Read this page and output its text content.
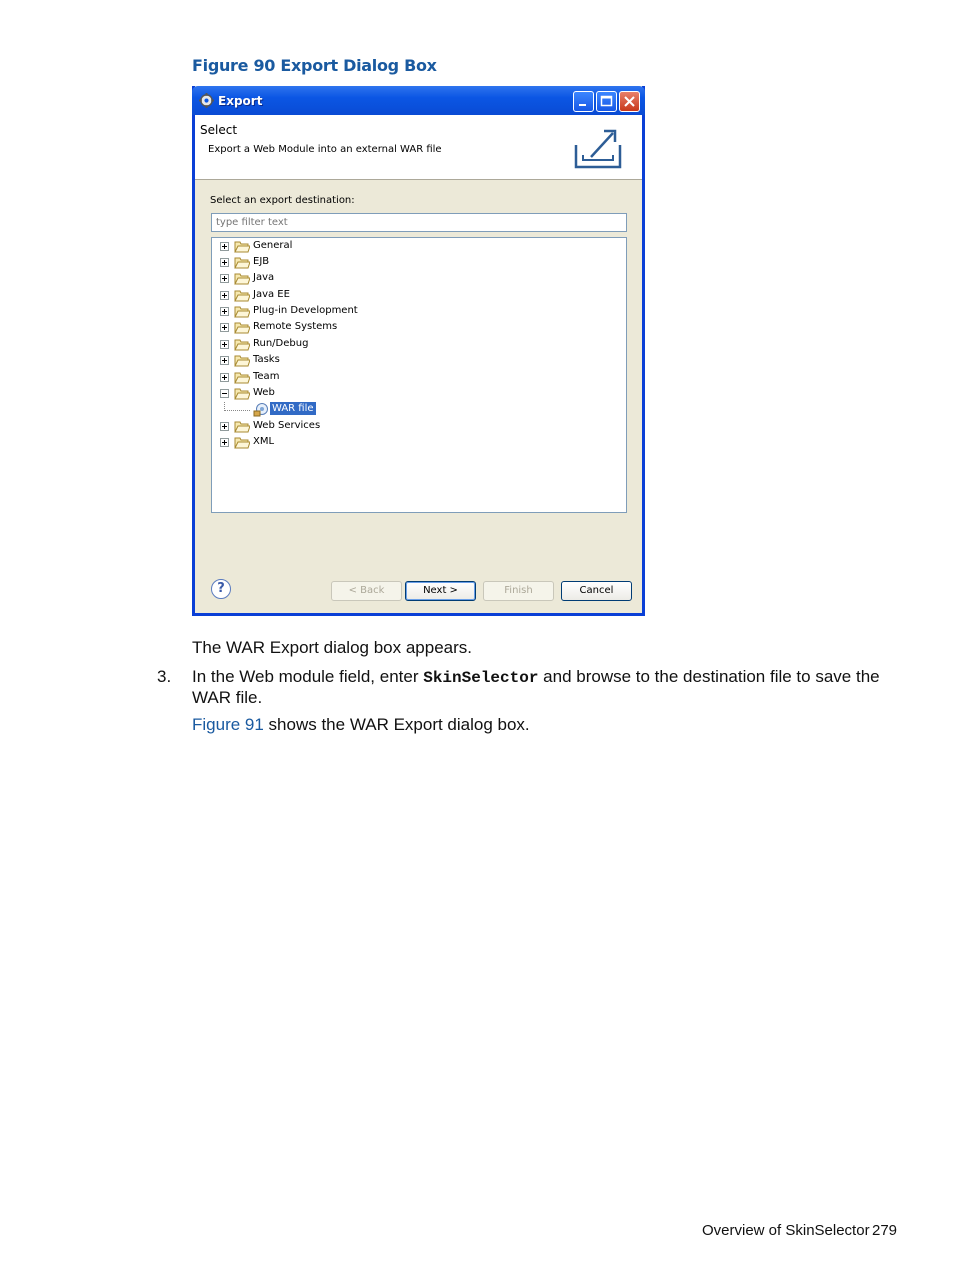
Figure 90 Export Dialog Box
Export
Select
Export a Web Module into an external WAR file
Select an export destination:
type filter text
General
EJB
Java
Java EE
Plug-in Development
Remote Systems
Run/Debug
Tasks
Team
Web
WAR file
Web Services
XML
?	< Back	Next >	Finish	Cancel
The WAR Export dialog box appears.
3. In the Web module field, enter SkinSelector and browse to the destination file to save the
WAR file.
Figure 91 shows the WAR Export dialog box.
Overview of SkinSelector 279
